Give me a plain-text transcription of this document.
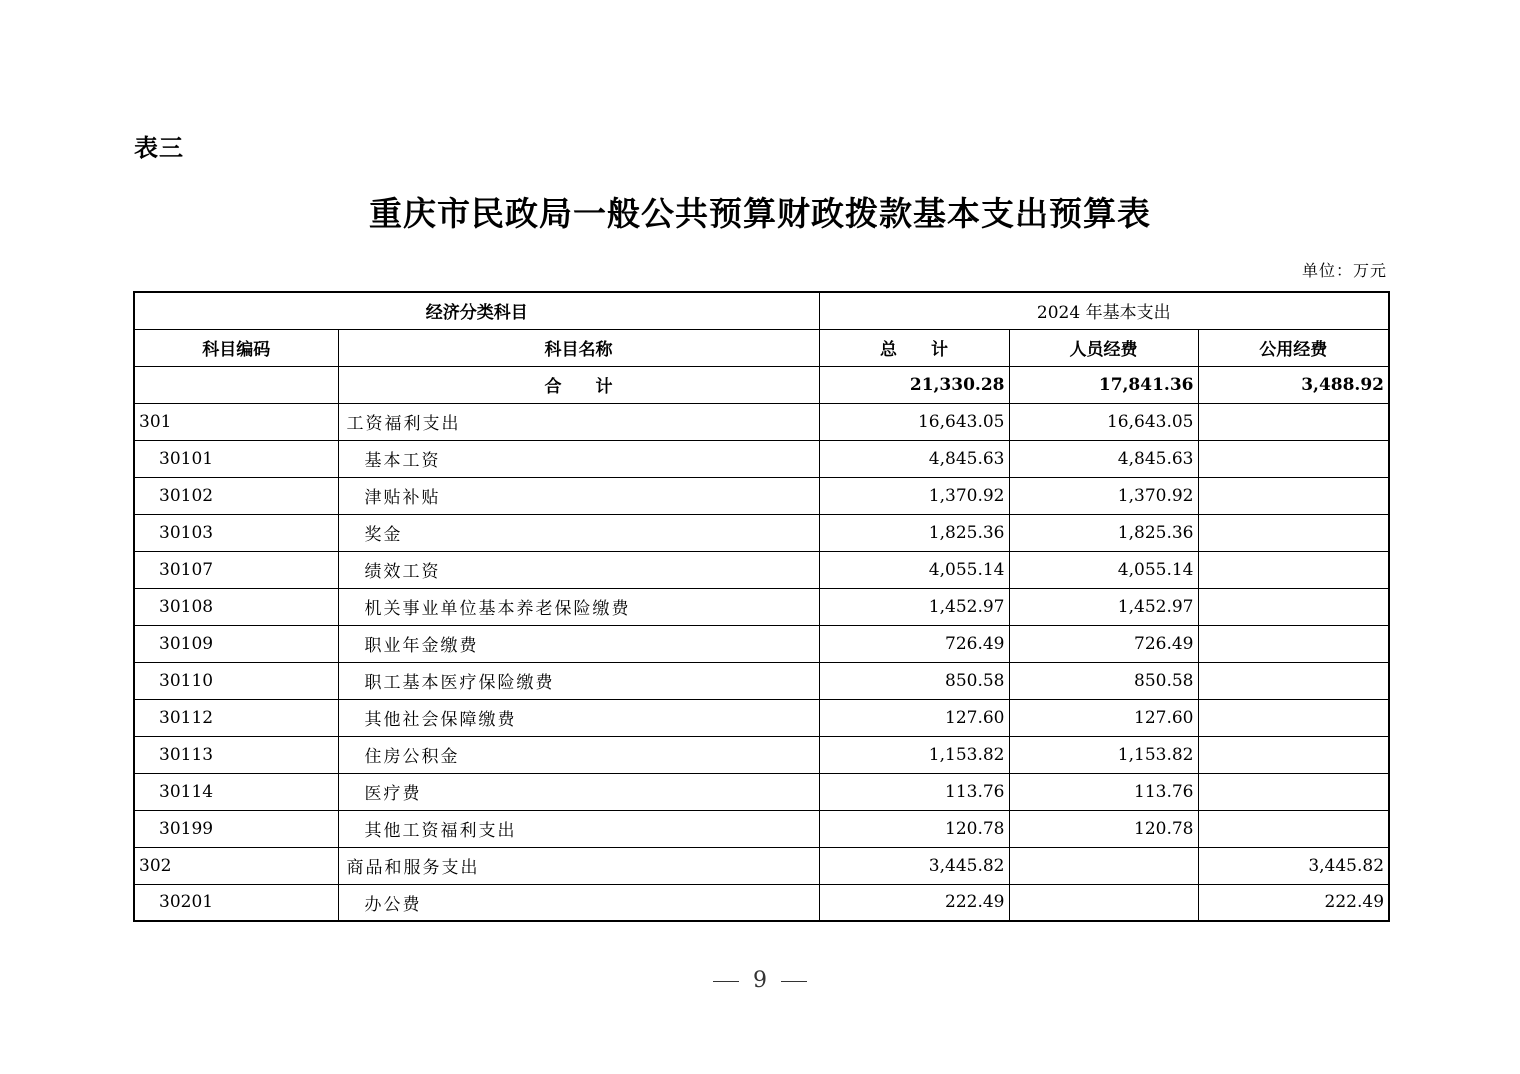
表三
重庆市民政局一般公共预算财政拨款基本支出预算表
单位：万元
经济分类科目		2024 年基本支出		
科目编码	科目名称	总　　计	人员经费	公用经费
	合　　计	21,330.28	17,841.36	3,488.92
301	工资福利支出	16,643.05	16,643.05	
30101	基本工资	4,845.63	4,845.63	
30102	津贴补贴	1,370.92	1,370.92	
30103	奖金	1,825.36	1,825.36	
30107	绩效工资	4,055.14	4,055.14	
30108	机关事业单位基本养老保险缴费	1,452.97	1,452.97	
30109	职业年金缴费	726.49	726.49	
30110	职工基本医疗保险缴费	850.58	850.58	
30112	其他社会保障缴费	127.60	127.60	
30113	住房公积金	1,153.82	1,153.82	
30114	医疗费	113.76	113.76	
30199	其他工资福利支出	120.78	120.78	
302	商品和服务支出	3,445.82		3,445.82
30201	办公费	222.49		222.49
9
